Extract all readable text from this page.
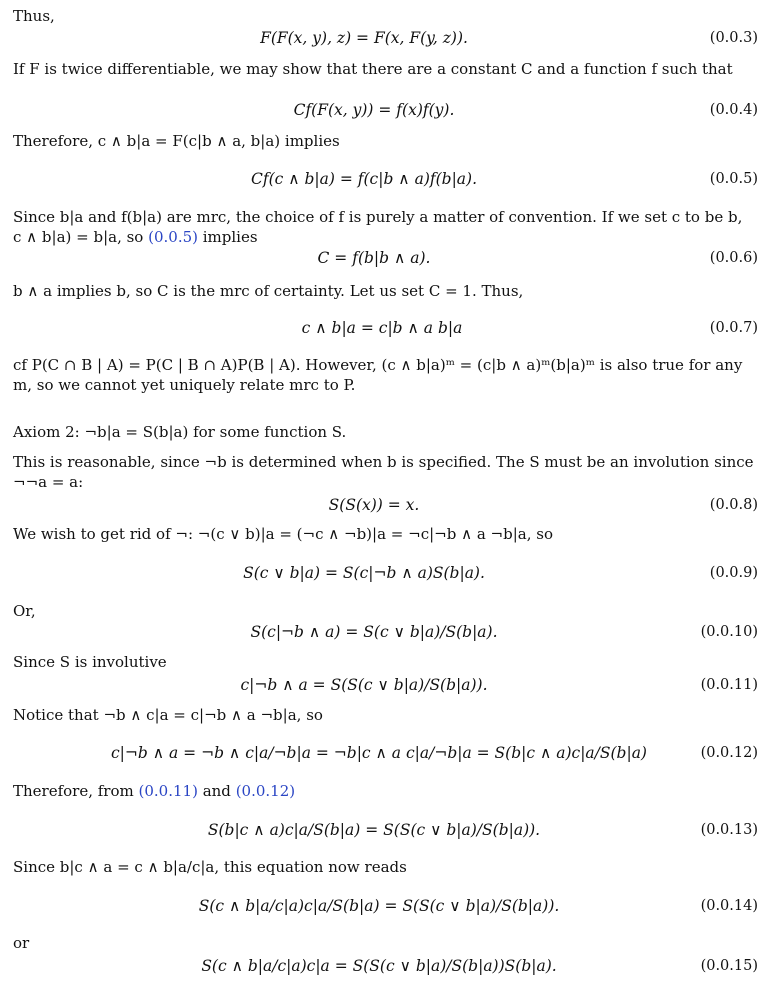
Thus,
F(F(x, y), z) = F(x, F(y, z)).	(0.0.3)
If F is twice differentiable, we may show that there are a constant C and a function f such that
Cf(F(x, y)) = f(x)f(y).	(0.0.4)
Therefore, c ∧ b|a = F(c|b ∧ a, b|a) implies
Cf(c ∧ b|a) = f(c|b ∧ a)f(b|a).	(0.0.5)
Since b|a and f(b|a) are mrc, the choice of f is purely a matter of convention. If we set c to be b,
c ∧ b|a) = b|a, so (0.0.5) implies
C = f(b|b ∧ a).	(0.0.6)
b ∧ a implies b, so C is the mrc of certainty. Let us set C = 1. Thus,
c ∧ b|a = c|b ∧ a b|a	(0.0.7)
cf P(C ∩ B | A) = P(C | B ∩ A)P(B | A). However, (c ∧ b|a)ᵐ = (c|b ∧ a)ᵐ(b|a)ᵐ is also true for any
m, so we cannot yet uniquely relate mrc to P.
Axiom 2: ¬b|a = S(b|a) for some function S.
This is reasonable, since ¬b is determined when b is specified. The S must be an involution since
¬¬a = a:
S(S(x)) = x.	(0.0.8)
We wish to get rid of ¬: ¬(c ∨ b)|a = (¬c ∧ ¬b)|a = ¬c|¬b ∧ a ¬b|a, so
S(c ∨ b|a) = S(c|¬b ∧ a)S(b|a).	(0.0.9)
Or,
S(c|¬b ∧ a) = S(c ∨ b|a)/S(b|a).	(0.0.10)
Since S is involutive
c|¬b ∧ a = S(S(c ∨ b|a)/S(b|a)).	(0.0.11)
Notice that ¬b ∧ c|a = c|¬b ∧ a ¬b|a, so
c|¬b ∧ a = ¬b ∧ c|a/¬b|a = ¬b|c ∧ a c|a/¬b|a = S(b|c ∧ a)c|a/S(b|a)	(0.0.12)
Therefore, from (0.0.11) and (0.0.12)
S(b|c ∧ a)c|a/S(b|a) = S(S(c ∨ b|a)/S(b|a)).	(0.0.13)
Since b|c ∧ a = c ∧ b|a/c|a, this equation now reads
S(c ∧ b|a/c|a)c|a/S(b|a) = S(S(c ∨ b|a)/S(b|a)).	(0.0.14)
or
S(c ∧ b|a/c|a)c|a = S(S(c ∨ b|a)/S(b|a))S(b|a).	(0.0.15)
